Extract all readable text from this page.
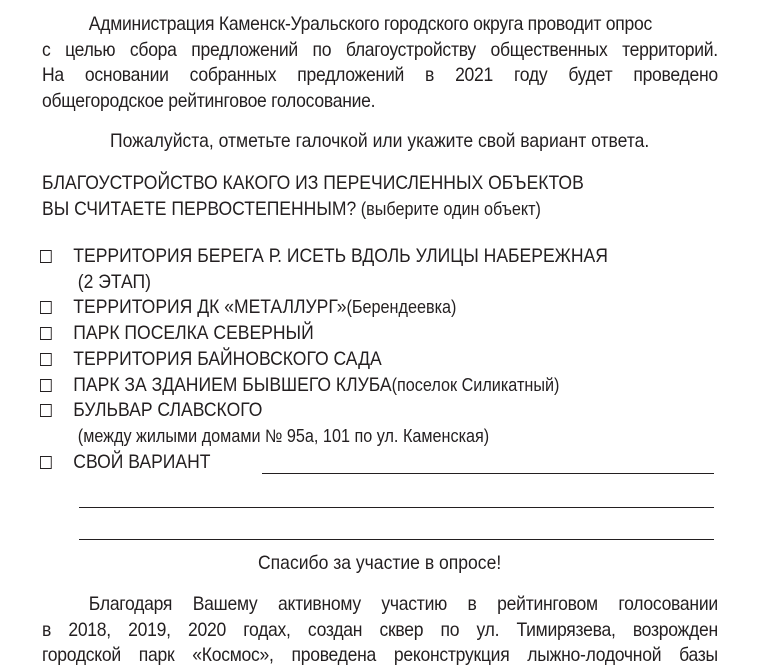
Администрация Каменск-Уральского городского округа проводит опрос
с целью сбора предложений по благоустройству общественных территорий.
На основании собранных предложений в 2021 году будет проведено
общегородское рейтинговое голосование.
Пожалуйста, отметьте галочкой или укажите свой вариант ответа.
БЛАГОУСТРОЙСТВО КАКОГО ИЗ ПЕРЕЧИСЛЕННЫХ ОБЪЕКТОВ
ВЫ СЧИТАЕТЕ ПЕРВОСТЕПЕННЫМ? (выберите один объект)
ТЕРРИТОРИЯ БЕРЕГА Р. ИСЕТЬ ВДОЛЬ УЛИЦЫ НАБЕРЕЖНАЯ
(2 ЭТАП)
ТЕРРИТОРИЯ ДК «МЕТАЛЛУРГ» (Берендеевка)
ПАРК ПОСЕЛКА СЕВЕРНЫЙ
ТЕРРИТОРИЯ БАЙНОВСКОГО САДА
ПАРК ЗА ЗДАНИЕМ БЫВШЕГО КЛУБА (поселок Силикатный)
БУЛЬВАР СЛАВСКОГО
(между жилыми домами № 95а, 101 по ул. Каменская)
СВОЙ ВАРИАНТ
Спасибо за участие в опросе!
Благодаря Вашему активному участию в рейтинговом голосовании
в 2018, 2019, 2020 годах, создан сквер по ул. Тимирязева, возрожден
городской парк «Космос», проведена реконструкция лыжно-лодочной базы
